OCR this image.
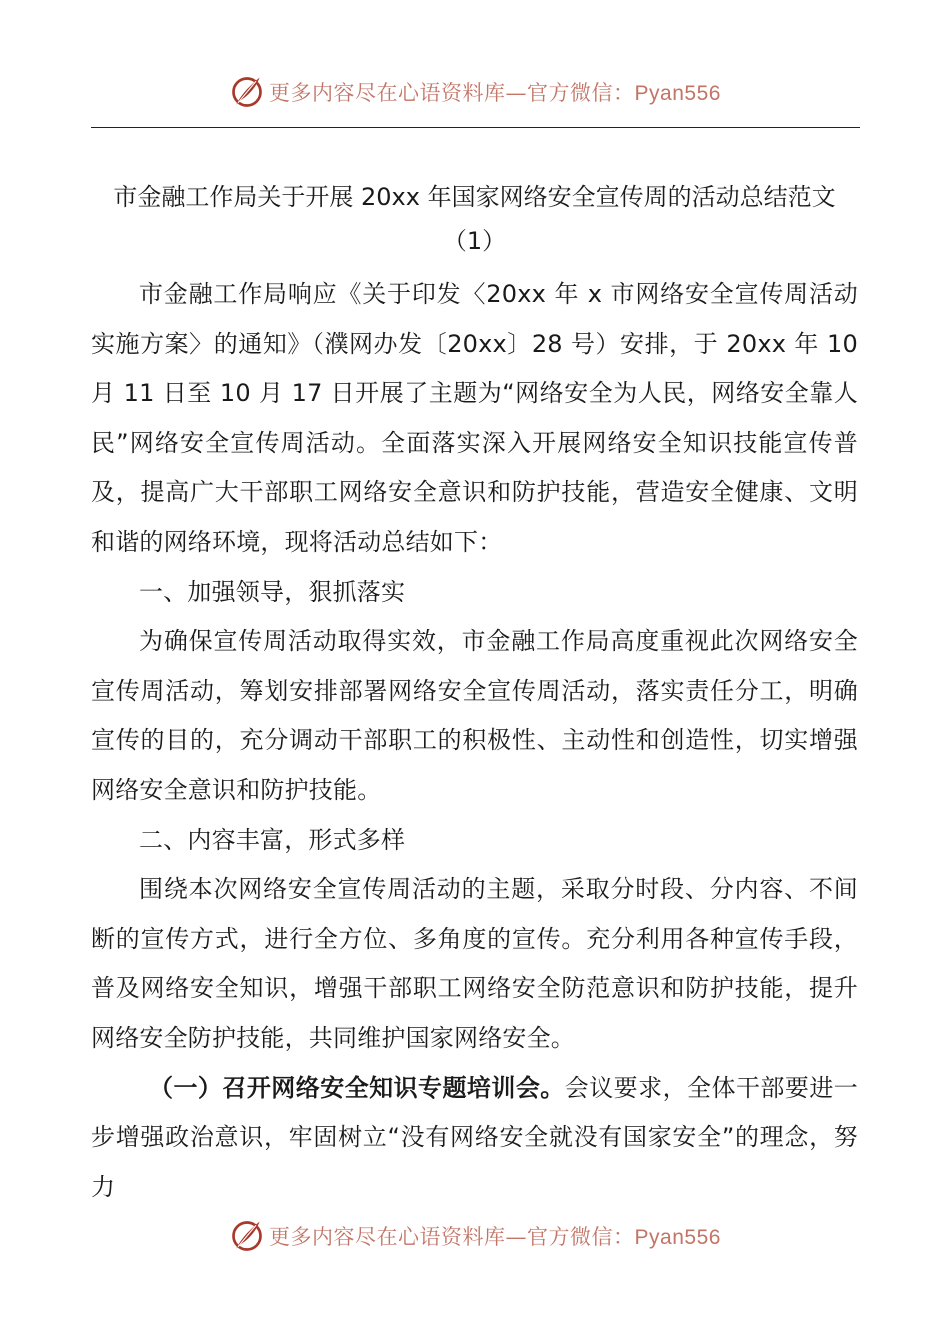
更多内容尽在心语资料库—官方微信：Pyan556
市金融工作局关于开展 20xx 年国家网络安全宣传周的活动总结范文
（1）

市金融工作局响应《关于印发〈20xx 年 x 市网络安全宣传周活动实施方案〉的通知》（濮网办发〔20xx〕28 号）安排，于 20xx 年 10 月 11 日至 10 月 17 日开展了主题为“网络安全为人民，网络安全靠人民”网络安全宣传周活动。全面落实深入开展网络安全知识技能宣传普及，提高广大干部职工网络安全意识和防护技能，营造安全健康、文明和谐的网络环境，现将活动总结如下：

一、加强领导，狠抓落实

为确保宣传周活动取得实效，市金融工作局高度重视此次网络安全宣传周活动，筹划安排部署网络安全宣传周活动，落实责任分工，明确宣传的目的，充分调动干部职工的积极性、主动性和创造性，切实增强网络安全意识和防护技能。

二、内容丰富，形式多样

围绕本次网络安全宣传周活动的主题，采取分时段、分内容、不间断的宣传方式，进行全方位、多角度的宣传。充分利用各种宣传手段，普及网络安全知识，增强干部职工网络安全防范意识和防护技能，提升网络安全防护技能，共同维护国家网络安全。

（一）召开网络安全知识专题培训会。会议要求，全体干部要进一步增强政治意识，牢固树立“没有网络安全就没有国家安全”的理念，努力

更多内容尽在心语资料库—官方微信：Pyan556
